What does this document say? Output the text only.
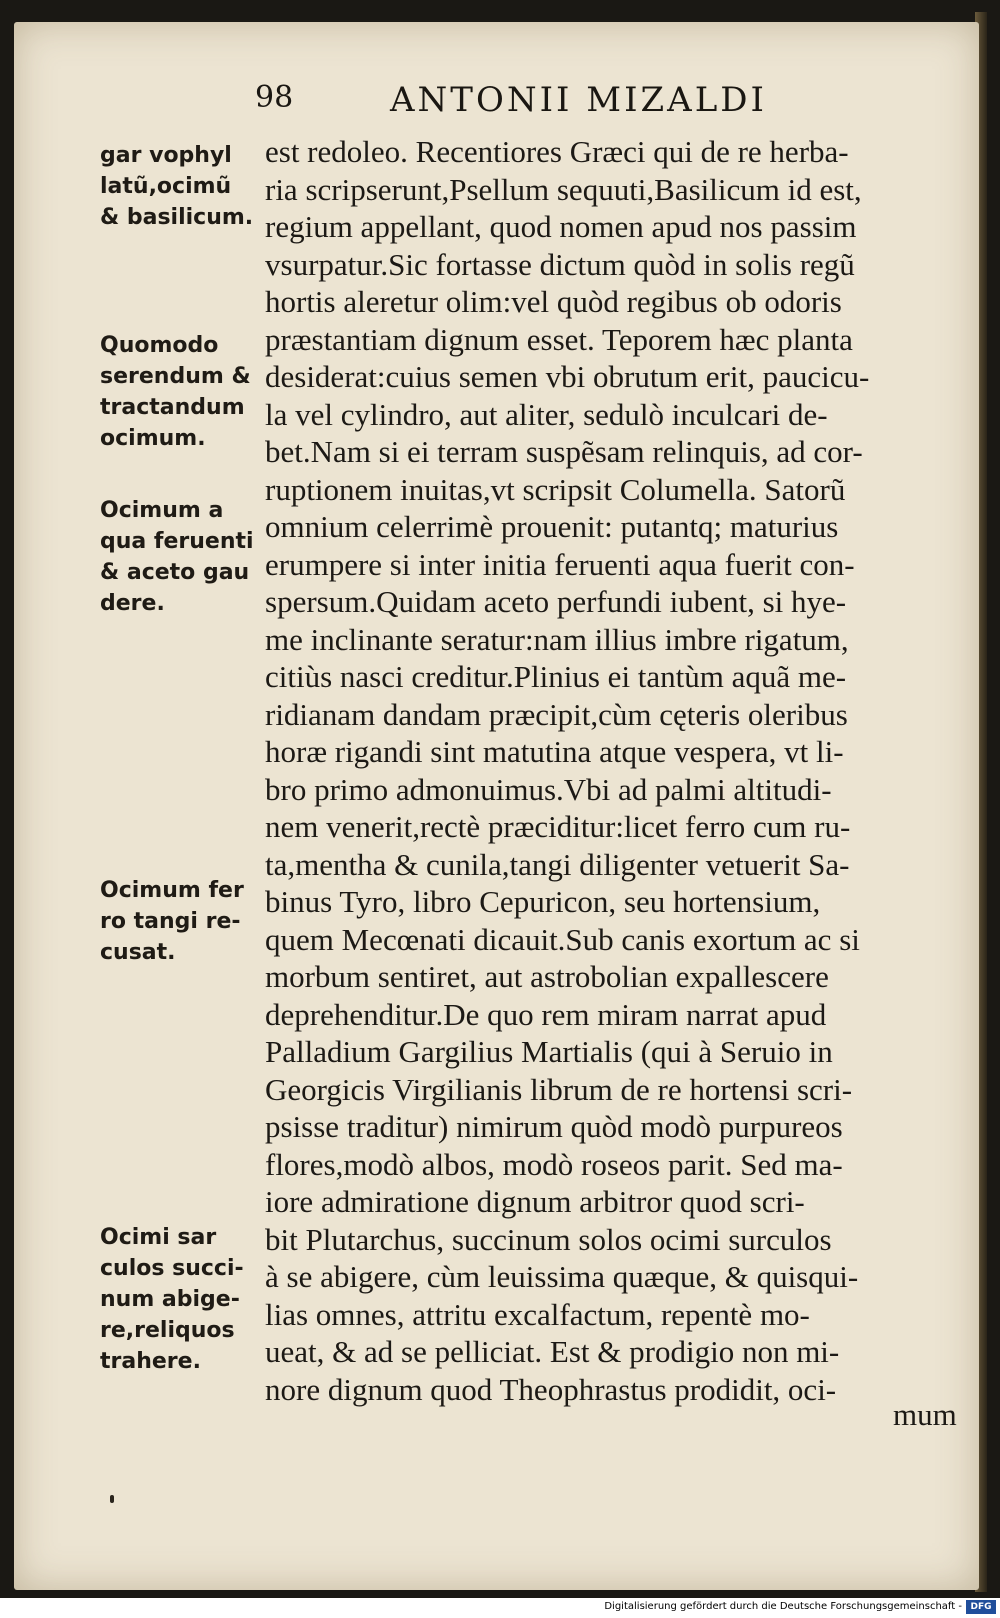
98	ANTONII MIZALDI
gar vophyl
latũ,ocimũ
& basilicum.
Quomodo
serendum &
tractandum
ocimum.
Ocimum a
qua feruenti
& aceto gau
dere.
Ocimum fer
ro tangi re-
cusat.
Ocimi sar
culos succi-
num abige-
re,reliquos
trahere.
est redoleo. Recentiores Græci qui de re herba-
ria scripserunt,Psellum sequuti,Basilicum id est,
regium appellant, quod nomen apud nos passim
vsurpatur.Sic fortasse dictum quòd in solis regũ
hortis aleretur olim:vel quòd regibus ob odoris
præstantiam dignum esset. Teporem hæc planta
desiderat:cuius semen vbi obrutum erit, paucicu-
la vel cylindro, aut aliter, sedulò inculcari de-
bet.Nam si ei terram suspẽsam relinquis, ad cor-
ruptionem inuitas,vt scripsit Columella. Satorũ
omnium celerrimè prouenit: putantq; maturius
erumpere si inter initia feruenti aqua fuerit con-
spersum.Quidam aceto perfundi iubent, si hye-
me inclinante seratur:nam illius imbre rigatum,
citiùs nasci creditur.Plinius ei tantùm aquã me-
ridianam dandam præcipit,cùm cęteris oleribus
horæ rigandi sint matutina atque vespera, vt li-
bro primo admonuimus.Vbi ad palmi altitudi-
nem venerit,rectè præciditur:licet ferro cum ru-
ta,mentha & cunila,tangi diligenter vetuerit Sa-
binus Tyro, libro Cepuricon, seu hortensium,
quem Mecœnati dicauit.Sub canis exortum ac si
morbum sentiret, aut astrobolian expallescere
deprehenditur.De quo rem miram narrat apud
Palladium Gargilius Martialis (qui à Seruio in
Georgicis Virgilianis librum de re hortensi scri-
psisse traditur) nimirum quòd modò purpureos
flores,modò albos, modò roseos parit. Sed ma-
iore admiratione dignum arbitror quod scri-
bit Plutarchus, succinum solos ocimi surculos
à se abigere, cùm leuissima quæque, & quisqui-
lias omnes, attritu excalfactum, repentè mo-
ueat, & ad se pelliciat. Est & prodigio non mi-
nore dignum quod Theophrastus prodidit, oci-
mum
Digitalisierung gefördert durch die Deutsche Forschungsgemeinschaft - DFG
